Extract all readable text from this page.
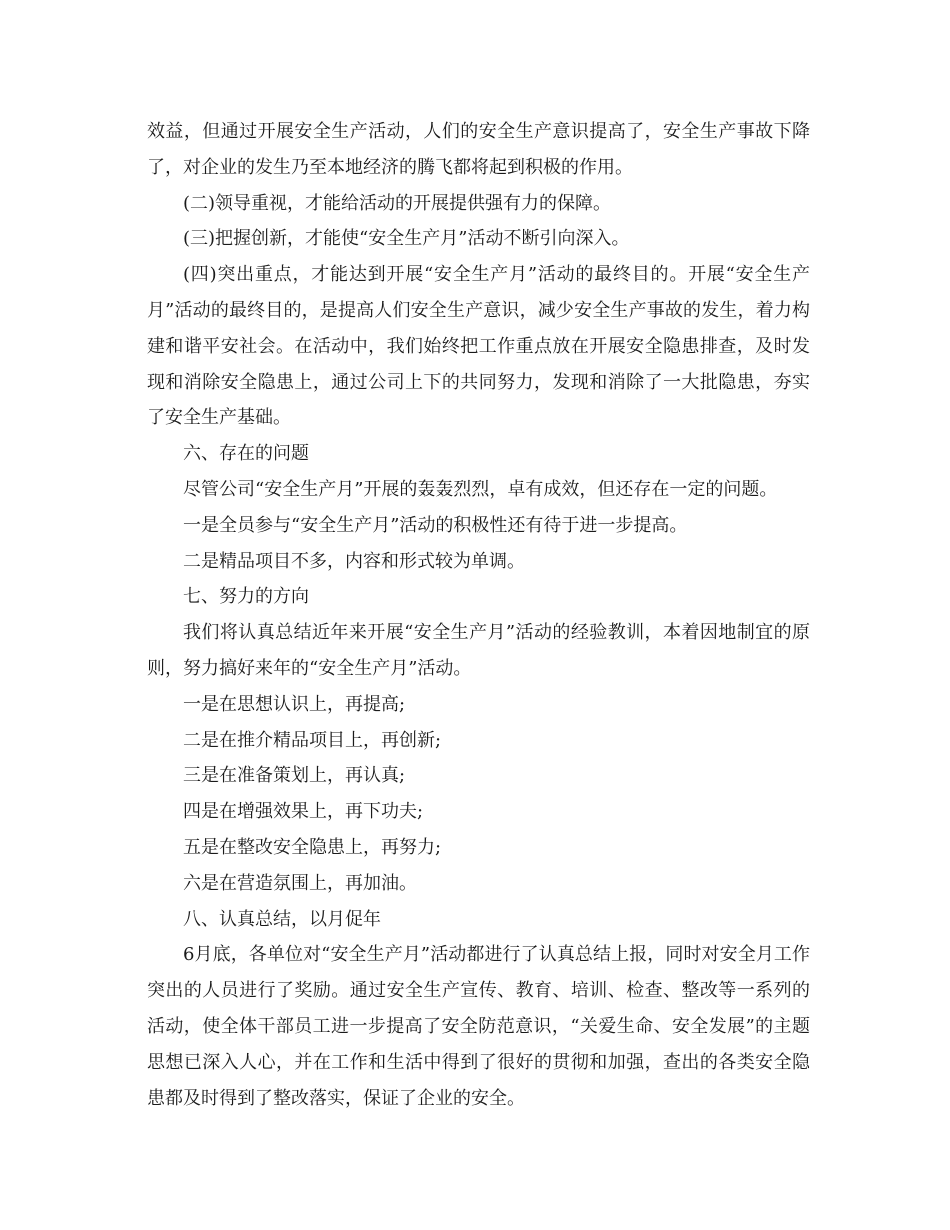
效益，但通过开展安全生产活动，人们的安全生产意识提高了，安全生产事故下降了，对企业的发生乃至本地经济的腾飞都将起到积极的作用。

(二)领导重视，才能给活动的开展提供强有力的保障。

(三)把握创新，才能使“安全生产月”活动不断引向深入。

(四)突出重点，才能达到开展“安全生产月”活动的最终目的。开展“安全生产月”活动的最终目的，是提高人们安全生产意识，减少安全生产事故的发生，着力构建和谐平安社会。在活动中，我们始终把工作重点放在开展安全隐患排查，及时发现和消除安全隐患上，通过公司上下的共同努力，发现和消除了一大批隐患，夯实了安全生产基础。

六、存在的问题

尽管公司“安全生产月”开展的轰轰烈烈，卓有成效，但还存在一定的问题。

一是全员参与“安全生产月”活动的积极性还有待于进一步提高。

二是精品项目不多，内容和形式较为单调。

七、努力的方向

我们将认真总结近年来开展“安全生产月”活动的经验教训，本着因地制宜的原则，努力搞好来年的“安全生产月”活动。

一是在思想认识上，再提高;

二是在推介精品项目上，再创新;

三是在准备策划上，再认真;

四是在增强效果上，再下功夫;

五是在整改安全隐患上，再努力;

六是在营造氛围上，再加油。

八、认真总结，以月促年

6月底，各单位对“安全生产月”活动都进行了认真总结上报，同时对安全月工作突出的人员进行了奖励。通过安全生产宣传、教育、培训、检查、整改等一系列的活动，使全体干部员工进一步提高了安全防范意识，“关爱生命、安全发展”的主题思想已深入人心，并在工作和生活中得到了很好的贯彻和加强，查出的各类安全隐患都及时得到了整改落实，保证了企业的安全。
